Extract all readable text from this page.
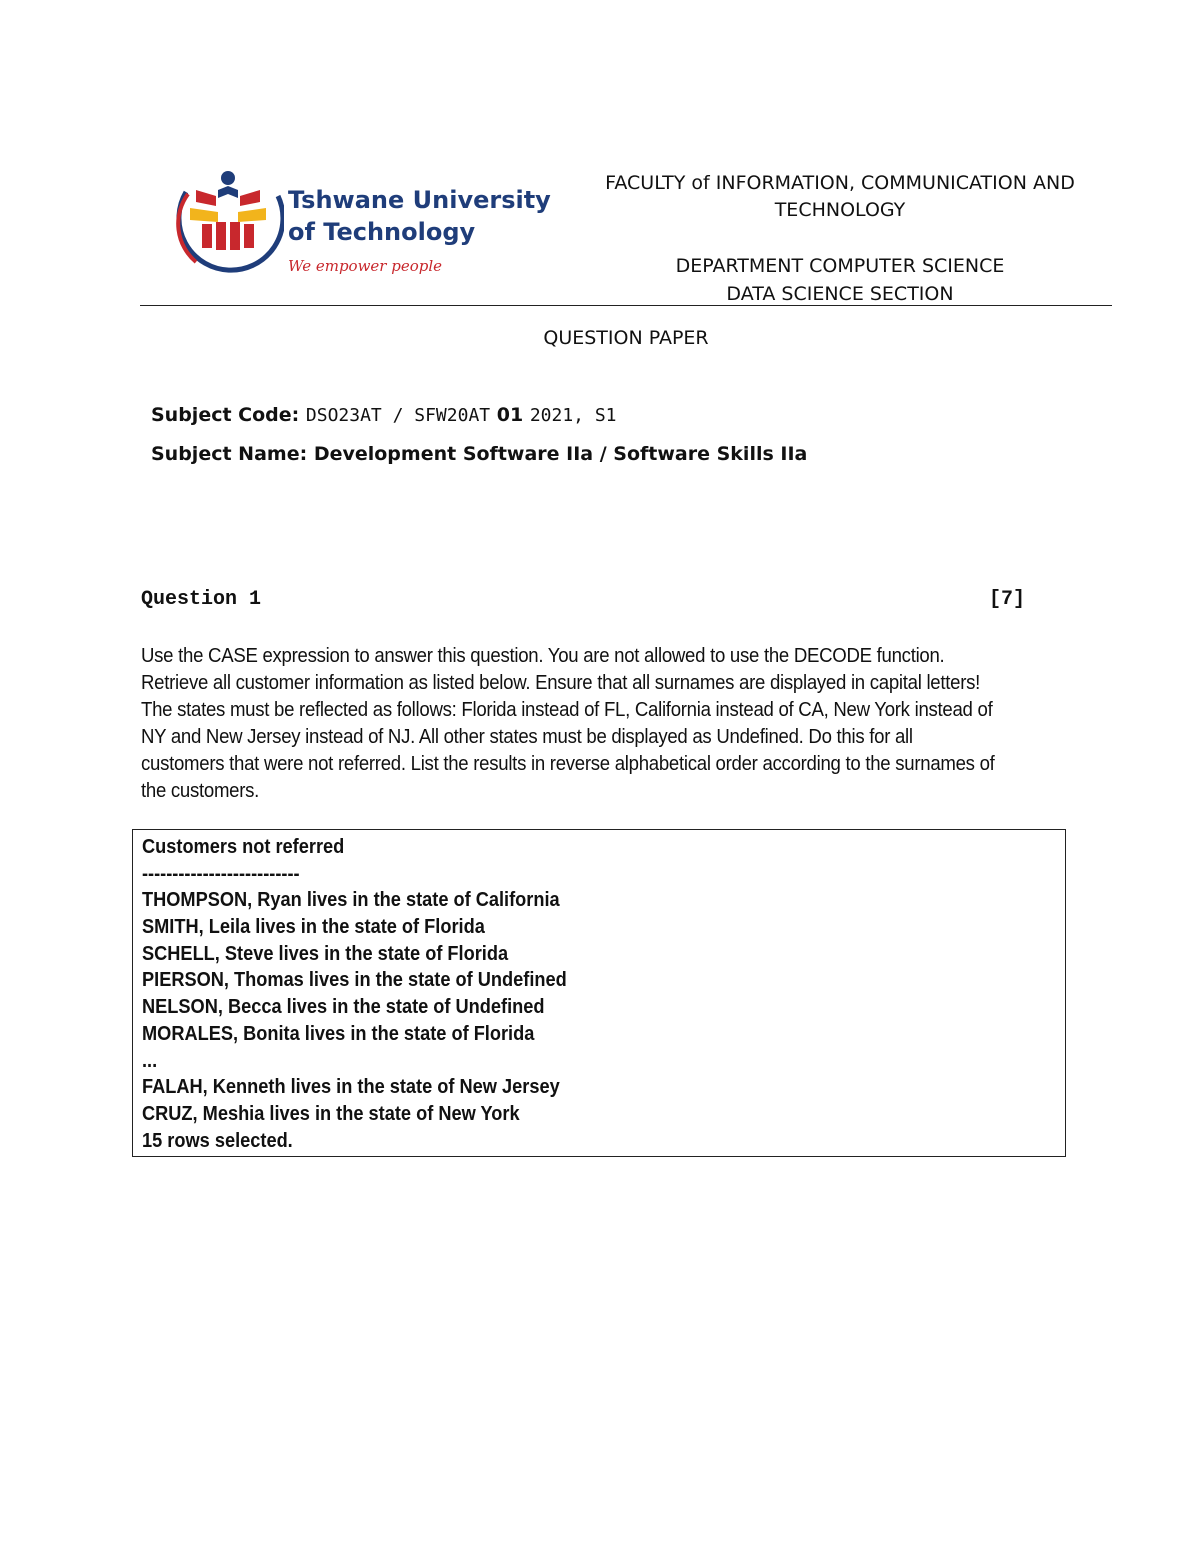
Tshwane University
of Technology
We empower people
FACULTY of INFORMATION, COMMUNICATION AND
TECHNOLOGY
DEPARTMENT COMPUTER SCIENCE
DATA SCIENCE SECTION
QUESTION PAPER
Subject Code: DSO23AT / SFW20AT 01 2021, S1
Subject Name: Development Software IIa / Software Skills IIa
Question 1	[7]

Use the CASE expression to answer this question. You are not allowed to use the DECODE function.

Retrieve all customer information as listed below. Ensure that all surnames are displayed in capital letters!

The states must be reflected as follows: Florida instead of FL, California instead of CA, New York instead of

NY and New Jersey instead of NJ. All other states must be displayed as Undefined. Do this for all

customers that were not referred. List the results in reverse alphabetical order according to the surnames of

the customers.

Customers not referred
--------------------------
THOMPSON, Ryan lives in the state of California
SMITH, Leila lives in the state of Florida
SCHELL, Steve lives in the state of Florida
PIERSON, Thomas lives in the state of Undefined
NELSON, Becca lives in the state of Undefined
MORALES, Bonita lives in the state of Florida
...
FALAH, Kenneth lives in the state of New Jersey
CRUZ, Meshia lives in the state of New York
15 rows selected.
